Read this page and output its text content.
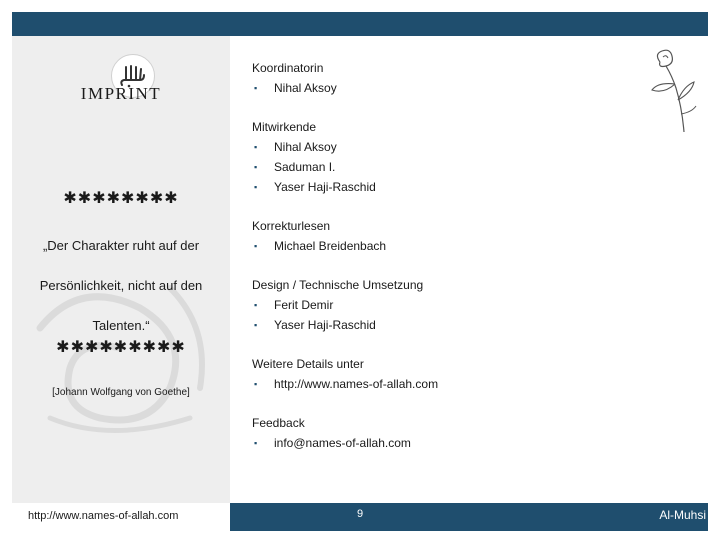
IMPRINT
✱✱✱✱✱✱✱✱
„Der Charakter ruht auf der
Persönlichkeit, nicht auf den
Talenten.“
✱✱✱✱✱✱✱✱✱
[Johann Wolfgang von Goethe]
Koordinatorin
▪ Nihal Aksoy
Mitwirkende
▪ Nihal Aksoy
▪ Saduman I.
▪ Yaser Haji-Raschid
Korrekturlesen
▪ Michael Breidenbach
Design / Technische Umsetzung
▪ Ferit Demir
▪ Yaser Haji-Raschid
Weitere Details unter
▪ http://www.names-of-allah.com
Feedback
▪ info@names-of-allah.com
http://www.names-of-allah.com	9	Al-Muhsi
